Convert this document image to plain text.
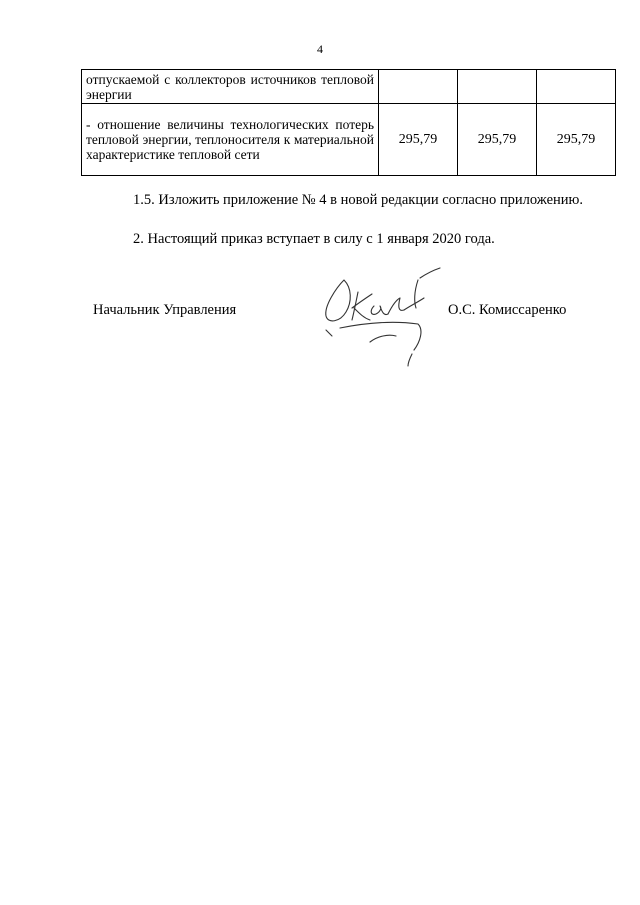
4
отпускаемой с коллекторов источников тепловой энергии			
- отношение величины технологических потерь тепловой энергии, теплоносителя к материальной характеристике тепловой сети	295,79	295,79	295,79
1.5. Изложить приложение № 4 в новой редакции согласно приложению.
2. Настоящий приказ вступает в силу с 1 января 2020 года.
Начальник Управления	О.С. Комиссаренко
